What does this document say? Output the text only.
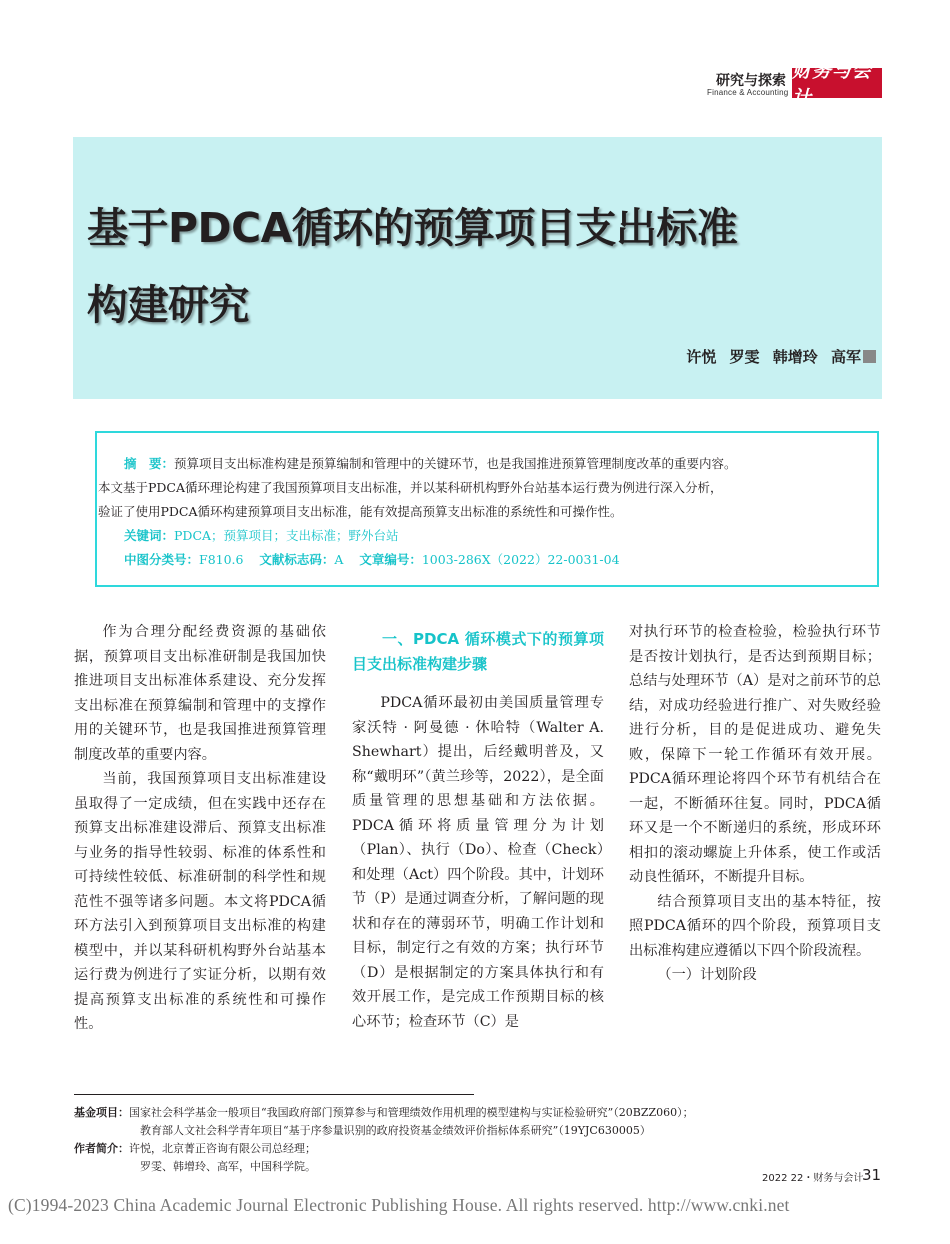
研究与探索
Finance & Accounting
财务与会计
基于PDCA循环的预算项目支出标准
构建研究
许悦 罗雯 韩增玲 高军
摘　要：预算项目支出标准构建是预算编制和管理中的关键环节，也是我国推进预算管理制度改革的重要内容。
本文基于PDCA循环理论构建了我国预算项目支出标准，并以某科研机构野外台站基本运行费为例进行深入分析，
验证了使用PDCA循环构建预算项目支出标准，能有效提高预算支出标准的系统性和可操作性。
关键词：PDCA；预算项目；支出标准；野外台站
中图分类号：F810.6 文献标志码：A 文章编号：1003-286X（2022）22-0031-04

作为合理分配经费资源的基础依据，预算项目支出标准研制是我国加快推进项目支出标准体系建设、充分发挥支出标准在预算编制和管理中的支撑作用的关键环节，也是我国推进预算管理制度改革的重要内容。

当前，我国预算项目支出标准建设虽取得了一定成绩，但在实践中还存在预算支出标准建设滞后、预算支出标准与业务的指导性较弱、标准的体系性和可持续性较低、标准研制的科学性和规范性不强等诸多问题。本文将PDCA循环方法引入到预算项目支出标准的构建模型中，并以某科研机构野外台站基本运行费为例进行了实证分析，以期有效提高预算支出标准的系统性和可操作性。

一、PDCA 循环模式下的预算项目支出标准构建步骤

PDCA循环最初由美国质量管理专家沃特 · 阿曼德 · 休哈特（Walter A. Shewhart）提出，后经戴明普及，又称“戴明环”（黄兰珍等，2022），是全面质量管理的思想基础和方法依据。PDCA循环将质量管理分为计划（Plan）、执行（Do）、检查（Check）和处理（Act）四个阶段。其中，计划环节（P）是通过调查分析，了解问题的现状和存在的薄弱环节，明确工作计划和目标，制定行之有效的方案；执行环节（D）是根据制定的方案具体执行和有效开展工作，是完成工作预期目标的核心环节；检查环节（C）是

对执行环节的检查检验，检验执行环节是否按计划执行，是否达到预期目标；总结与处理环节（A）是对之前环节的总结，对成功经验进行推广、对失败经验进行分析，目的是促进成功、避免失败，保障下一轮工作循环有效开展。PDCA循环理论将四个环节有机结合在一起，不断循环往复。同时，PDCA循环又是一个不断递归的系统，形成环环相扣的滚动螺旋上升体系，使工作或活动良性循环，不断提升目标。

结合预算项目支出的基本特征，按照PDCA循环的四个阶段，预算项目支出标准构建应遵循以下四个阶段流程。

（一）计划阶段

基金项目：国家社会科学基金一般项目“我国政府部门预算参与和管理绩效作用机理的模型建构与实证检验研究”（20BZZ060）；
教育部人文社会科学青年项目“基于序参量识别的政府投资基金绩效评价指标体系研究”（19YJC630005）
作者简介：许悦，北京菁正咨询有限公司总经理；
罗雯、韩增玲、高军，中国科学院。
2022 22・财务与会计
31
(C)1994-2023 China Academic Journal Electronic Publishing House. All rights reserved. http://www.cnki.net
